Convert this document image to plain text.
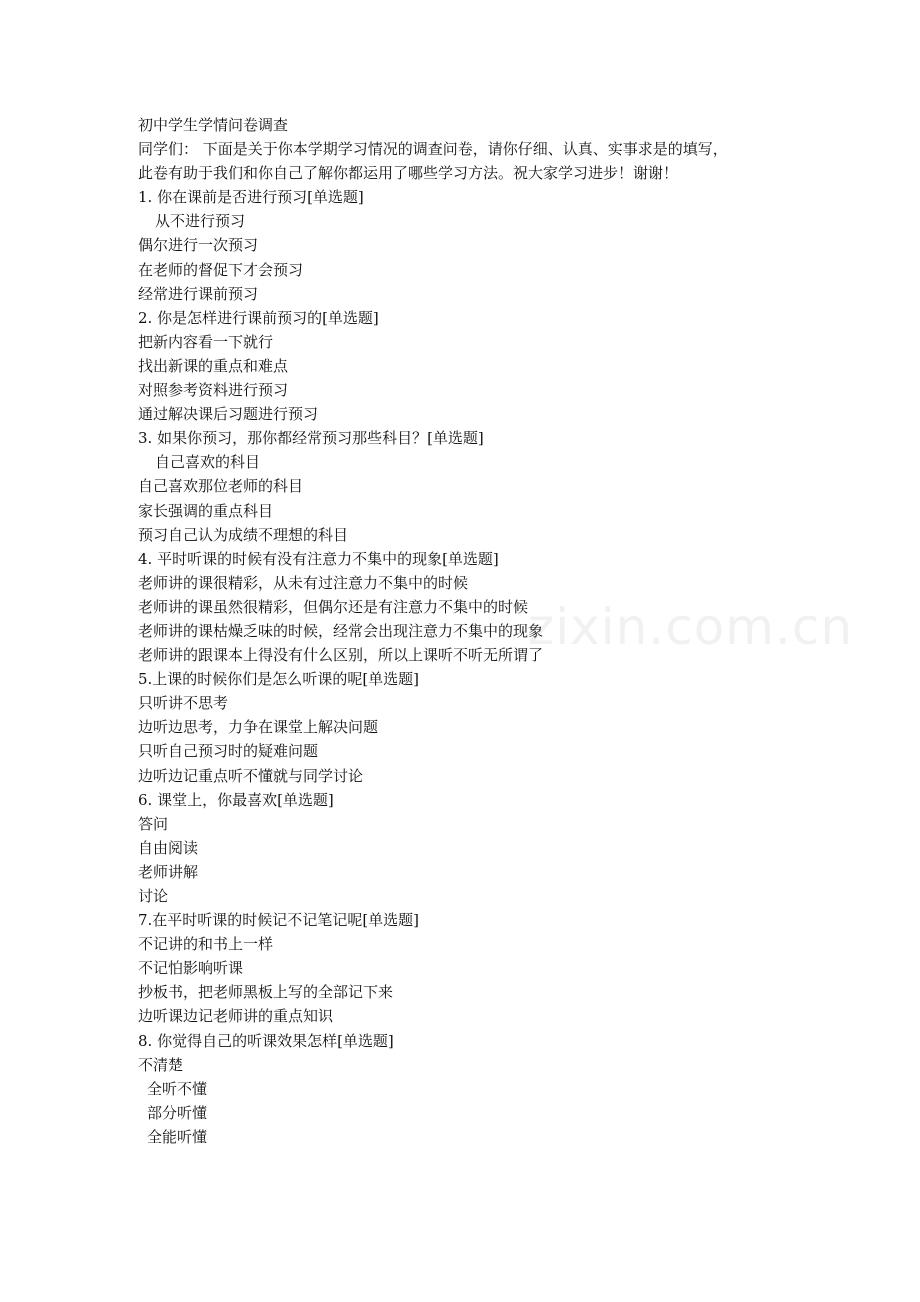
zixin.com.cn
初中学生学情问卷调查
同学们： 下面是关于你本学期学习情况的调查问卷，请你仔细、认真、实事求是的填写，
此卷有助于我们和你自己了解你都运用了哪些学习方法。祝大家学习进步！谢谢！
1. 你在课前是否进行预习[单选题]
从不进行预习
偶尔进行一次预习
在老师的督促下才会预习
经常进行课前预习
2. 你是怎样进行课前预习的[单选题]
把新内容看一下就行
找出新课的重点和难点
对照参考资料进行预习
通过解决课后习题进行预习
3. 如果你预习，那你都经常预习那些科目？[单选题]
自己喜欢的科目
自己喜欢那位老师的科目
家长强调的重点科目
预习自己认为成绩不理想的科目
4. 平时听课的时候有没有注意力不集中的现象[单选题]
老师讲的课很精彩，从未有过注意力不集中的时候
老师讲的课虽然很精彩，但偶尔还是有注意力不集中的时候
老师讲的课枯燥乏味的时候，经常会出现注意力不集中的现象
老师讲的跟课本上得没有什么区别，所以上课听不听无所谓了
5.上课的时候你们是怎么听课的呢[单选题]
只听讲不思考
边听边思考，力争在课堂上解决问题
只听自己预习时的疑难问题
边听边记重点听不懂就与同学讨论
6. 课堂上，你最喜欢[单选题]
答问
自由阅读
老师讲解
讨论
7.在平时听课的时候记不记笔记呢[单选题]
不记讲的和书上一样
不记怕影响听课
抄板书，把老师黑板上写的全部记下来
边听课边记老师讲的重点知识
8. 你觉得自己的听课效果怎样[单选题]
不清楚
全听不懂
部分听懂
全能听懂
